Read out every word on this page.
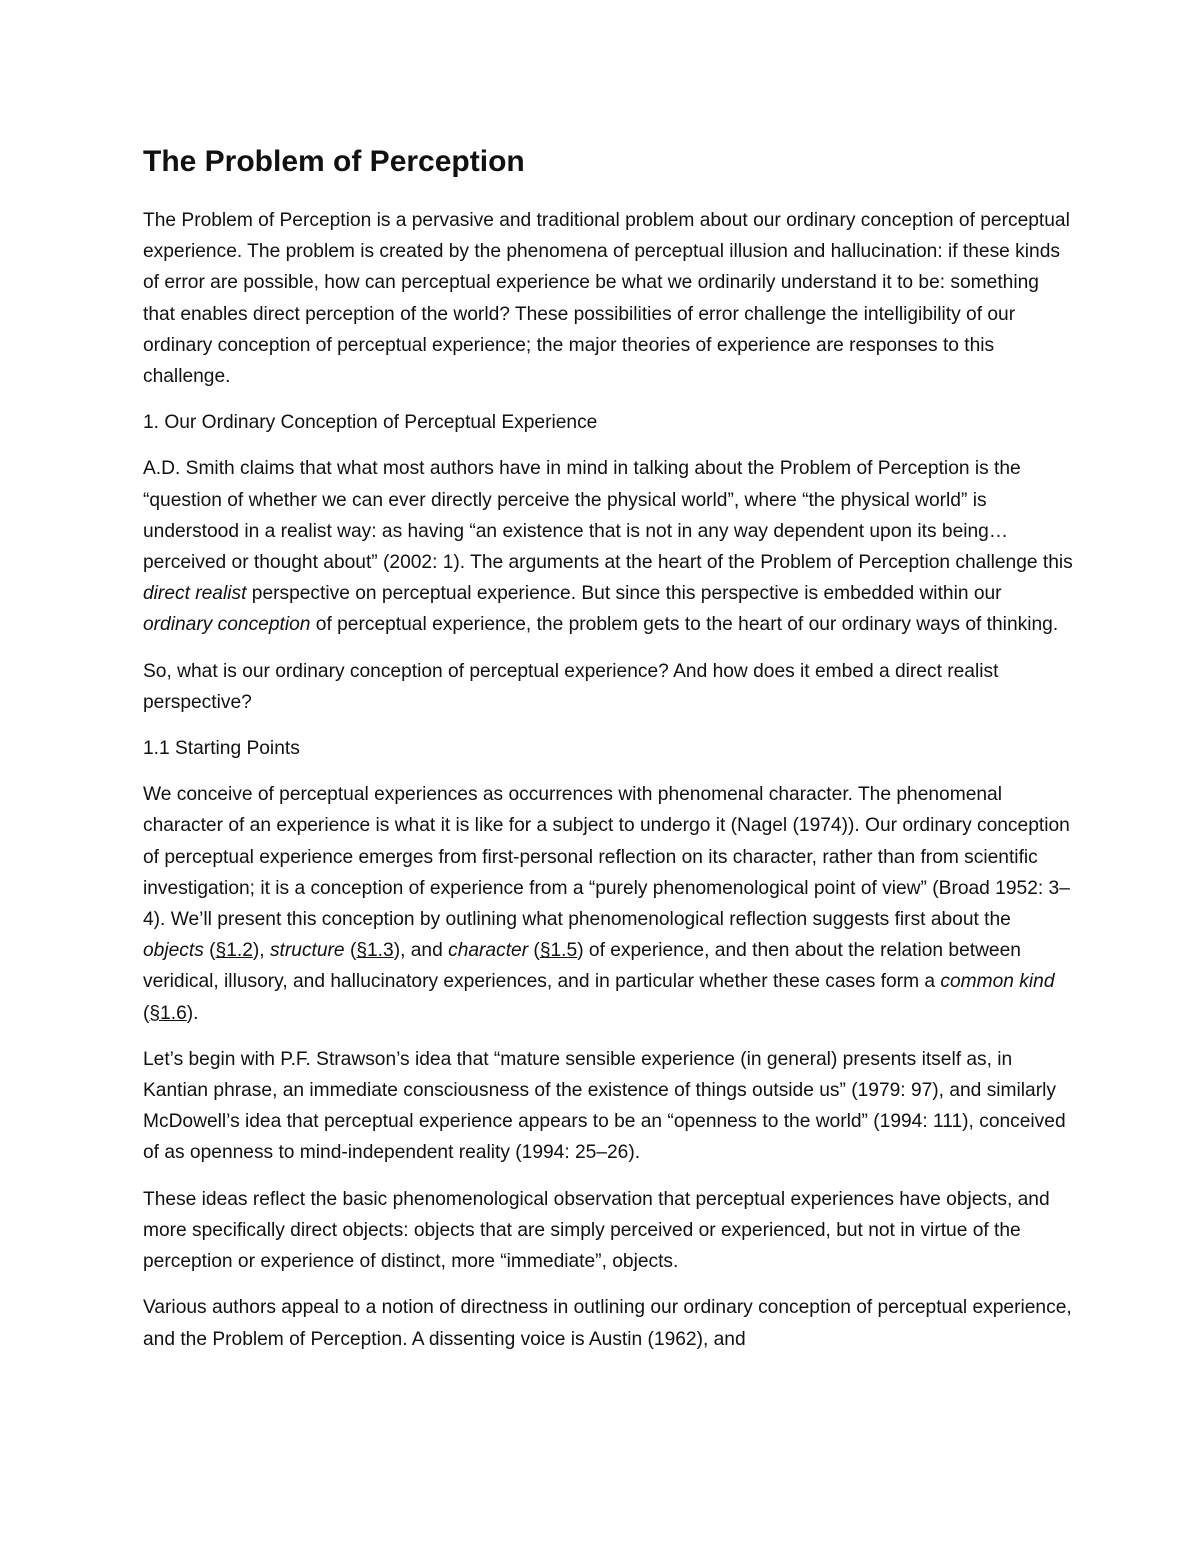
The Problem of Perception

The Problem of Perception is a pervasive and traditional problem about our ordinary conception of perceptual experience. The problem is created by the phenomena of perceptual illusion and hallucination: if these kinds of error are possible, how can perceptual experience be what we ordinarily understand it to be: something that enables direct perception of the world? These possibilities of error challenge the intelligibility of our ordinary conception of perceptual experience; the major theories of experience are responses to this challenge.

1. Our Ordinary Conception of Perceptual Experience

A.D. Smith claims that what most authors have in mind in talking about the Problem of Perception is the “question of whether we can ever directly perceive the physical world”, where “the physical world” is understood in a realist way: as having “an existence that is not in any way dependent upon its being… perceived or thought about” (2002: 1). The arguments at the heart of the Problem of Perception challenge this direct realist perspective on perceptual experience. But since this perspective is embedded within our ordinary conception of perceptual experience, the problem gets to the heart of our ordinary ways of thinking.

So, what is our ordinary conception of perceptual experience? And how does it embed a direct realist perspective?

1.1 Starting Points

We conceive of perceptual experiences as occurrences with phenomenal character. The phenomenal character of an experience is what it is like for a subject to undergo it (Nagel (1974)). Our ordinary conception of perceptual experience emerges from first-personal reflection on its character, rather than from scientific investigation; it is a conception of experience from a “purely phenomenological point of view” (Broad 1952: 3–4). We’ll present this conception by outlining what phenomenological reflection suggests first about the objects (§1.2), structure (§1.3), and character (§1.5) of experience, and then about the relation between veridical, illusory, and hallucinatory experiences, and in particular whether these cases form a common kind (§1.6).

Let’s begin with P.F. Strawson’s idea that “mature sensible experience (in general) presents itself as, in Kantian phrase, an immediate consciousness of the existence of things outside us” (1979: 97), and similarly McDowell’s idea that perceptual experience appears to be an “openness to the world” (1994: 111), conceived of as openness to mind-independent reality (1994: 25–26).

These ideas reflect the basic phenomenological observation that perceptual experiences have objects, and more specifically direct objects: objects that are simply perceived or experienced, but not in virtue of the perception or experience of distinct, more “immediate”, objects.

Various authors appeal to a notion of directness in outlining our ordinary conception of perceptual experience, and the Problem of Perception. A dissenting voice is Austin (1962), and
